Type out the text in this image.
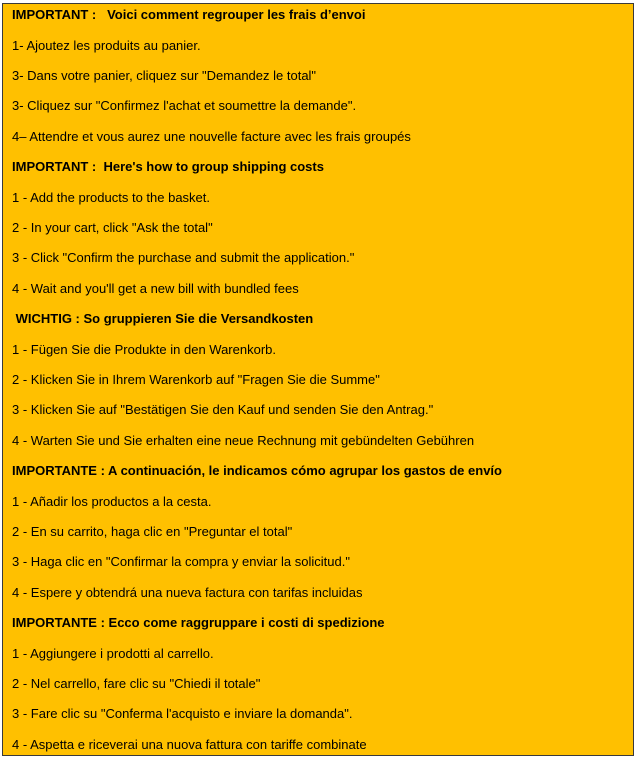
IMPORTANT :   Voici comment regrouper les frais d’envoi
1- Ajoutez les produits au panier.
3- Dans votre panier, cliquez sur "Demandez le total"
3- Cliquez sur "Confirmez l'achat et soumettre la demande".
4– Attendre et vous aurez une nouvelle facture avec les frais groupés
IMPORTANT :  Here's how to group shipping costs
1 - Add the products to the basket.
2 - In your cart, click "Ask the total"
3 - Click "Confirm the purchase and submit the application."
4 - Wait and you'll get a new bill with bundled fees
WICHTIG : So gruppieren Sie die Versandkosten
1 - Fügen Sie die Produkte in den Warenkorb.
2 - Klicken Sie in Ihrem Warenkorb auf "Fragen Sie die Summe"
3 - Klicken Sie auf "Bestätigen Sie den Kauf und senden Sie den Antrag."
4 - Warten Sie und Sie erhalten eine neue Rechnung mit gebündelten Gebühren
IMPORTANTE : A continuación, le indicamos cómo agrupar los gastos de envío
1 - Añadir los productos a la cesta.
2 - En su carrito, haga clic en "Preguntar el total"
3 - Haga clic en "Confirmar la compra y enviar la solicitud."
4 - Espere y obtendrá una nueva factura con tarifas incluidas
IMPORTANTE : Ecco come raggruppare i costi di spedizione
1 - Aggiungere i prodotti al carrello.
2 - Nel carrello, fare clic su "Chiedi il totale"
3 - Fare clic su "Conferma l'acquisto e inviare la domanda".
4 - Aspetta e riceverai una nuova fattura con tariffe combinate
